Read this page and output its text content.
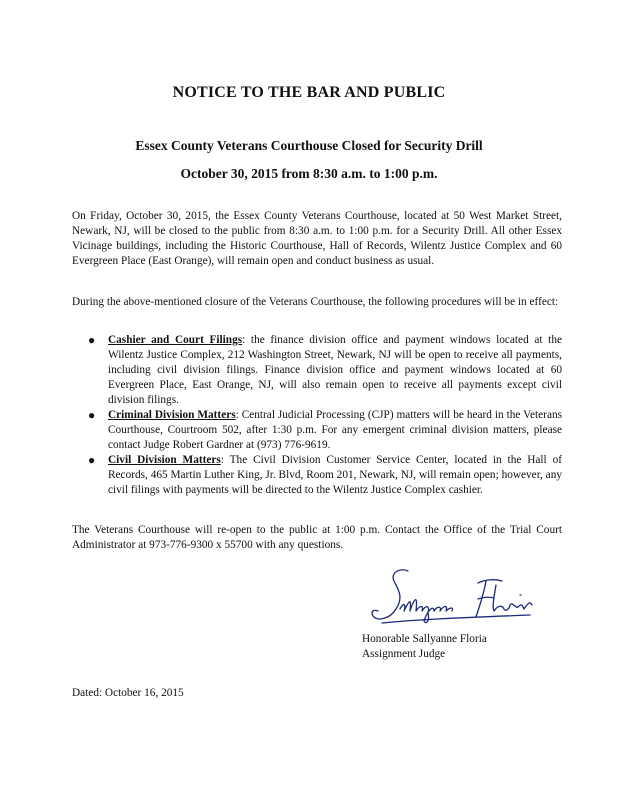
NOTICE TO THE BAR AND PUBLIC
Essex County Veterans Courthouse Closed for Security Drill
October 30, 2015 from 8:30 a.m. to 1:00 p.m.
On Friday, October 30, 2015, the Essex County Veterans Courthouse, located at 50 West Market Street, Newark, NJ, will be closed to the public from 8:30 a.m. to 1:00 p.m. for a Security Drill. All other Essex Vicinage buildings, including the Historic Courthouse, Hall of Records, Wilentz Justice Complex and 60 Evergreen Place (East Orange), will remain open and conduct business as usual.
During the above-mentioned closure of the Veterans Courthouse, the following procedures will be in effect:
● Cashier and Court Filings: the finance division office and payment windows located at the Wilentz Justice Complex, 212 Washington Street, Newark, NJ will be open to receive all payments, including civil division filings. Finance division office and payment windows located at 60 Evergreen Place, East Orange, NJ, will also remain open to receive all payments except civil division filings.
● Criminal Division Matters: Central Judicial Processing (CJP) matters will be heard in the Veterans Courthouse, Courtroom 502, after 1:30 p.m. For any emergent criminal division matters, please contact Judge Robert Gardner at (973) 776-9619.
● Civil Division Matters: The Civil Division Customer Service Center, located in the Hall of Records, 465 Martin Luther King, Jr. Blvd, Room 201, Newark, NJ, will remain open; however, any civil filings with payments will be directed to the Wilentz Justice Complex cashier.
The Veterans Courthouse will re-open to the public at 1:00 p.m. Contact the Office of the Trial Court Administrator at 973-776-9300 x 55700 with any questions.
Honorable Sallyanne Floria
Assignment Judge
Dated: October 16, 2015
